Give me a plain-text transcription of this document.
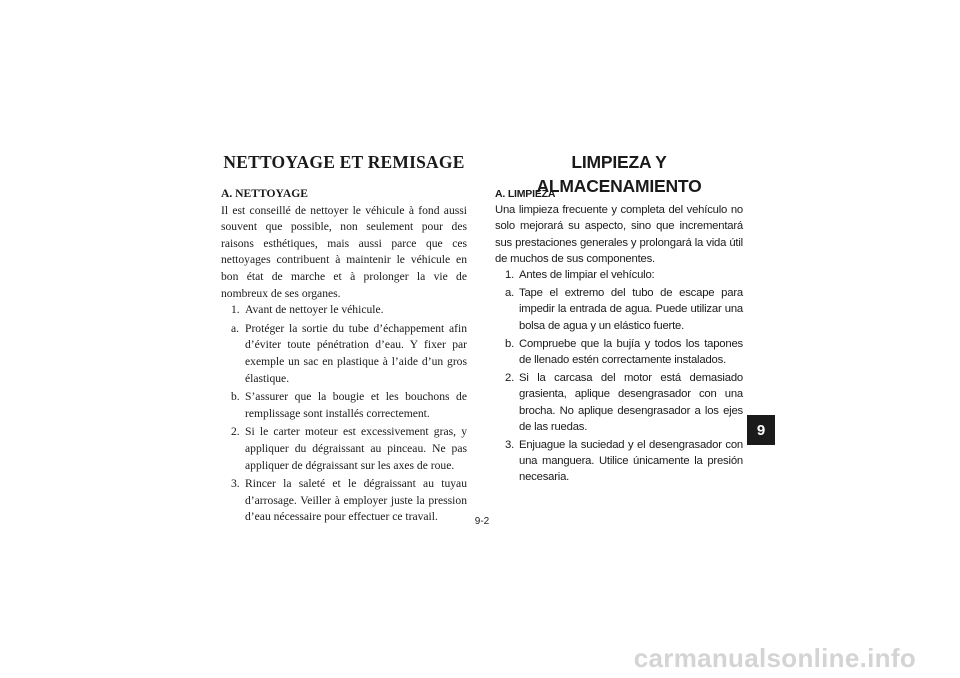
NETTOYAGE ET REMISAGE

A. NETTOYAGE

Il est conseillé de nettoyer le véhicule à fond aussi souvent que possible, non seulement pour des raisons esthétiques, mais aussi parce que ces nettoyages contribuent à maintenir le véhicule en bon état de marche et à prolonger la vie de nombreux de ses organes.

1. Avant de nettoyer le véhicule.
a. Protéger la sortie du tube d’échappement afin d’éviter toute pénétration d’eau. Y fixer par exemple un sac en plastique à l’aide d’un gros élastique.
b. S’assurer que la bougie et les bouchons de remplissage sont installés correctement.
2. Si le carter moteur est excessivement gras, y appliquer du dégraissant au pinceau. Ne pas appliquer de dégraissant sur les axes de roue.
3. Rincer la saleté et le dégraissant au tuyau d’arrosage. Veiller à employer juste la pression d’eau nécessaire pour effectuer ce travail.
LIMPIEZA Y ALMACENAMIENTO

A. LIMPIEZA

Una limpieza frecuente y completa del vehículo no solo mejorará su aspecto, sino que incrementará sus prestaciones generales y prolongará la vida útil de muchos de sus componentes.

1. Antes de limpiar el vehículo:
a. Tape el extremo del tubo de escape para impedir la entrada de agua. Puede utilizar una bolsa de agua y un elástico fuerte.
b. Compruebe que la bujía y todos los tapones de llenado estén correctamente instalados.
2. Si la carcasa del motor está demasiado grasienta, aplique desengrasador con una brocha. No aplique desengrasador a los ejes de las ruedas.
3. Enjuague la suciedad y el desengrasador con una manguera. Utilice únicamente la presión necesaria.
9-2
9
carmanualsonline.info
